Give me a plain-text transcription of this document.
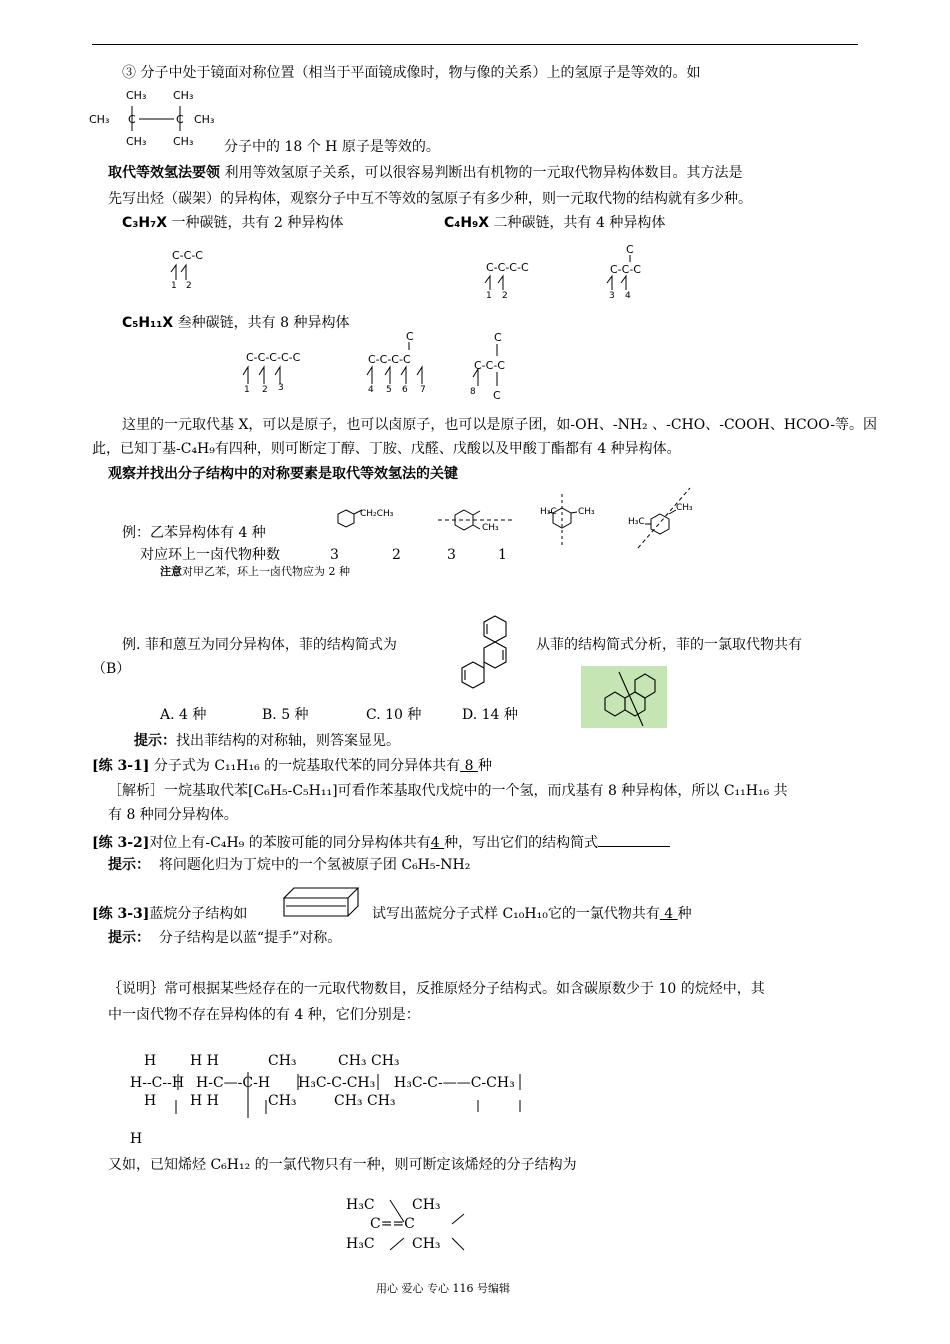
③ 分子中处于镜面对称位置（相当于平面镜成像时，物与像的关系）上的氢原子是等效的。如
CH₃ CH₃
CH₃ C	C CH₃
CH₃ CH₃ 分子中的 18 个 H 原子是等效的。
取代等效氢法要领 利用等效氢原子关系，可以很容易判断出有机物的一元取代物异构体数目。其方法是
先写出烃（碳架）的异构体，观察分子中互不等效的氢原子有多少种，则一元取代物的结构就有多少种。
C₃H₇X 一种碳链，共有 2 种异构体	C₄H₉X 二种碳链，共有 4 种异构体
C-C-C
1 2
C-C-C-C
1 2
C
C-C-C
3 4
C₅H₁₁X 叁种碳链，共有 8 种异构体
C-C-C-C-C
1 2 3
C
C-C-C-C
4 5 6 7
C
C-C-C
8 C
这里的一元取代基 X，可以是原子，也可以卤原子，也可以是原子团，如-OH、-NH₂ 、-CHO、-COOH、HCOO-等。因
此，已知丁基-C₄H₉有四种，则可断定丁醇、丁胺、戊醛、戊酸以及甲酸丁酯都有 4 种异构体。
观察并找出分子结构中的对称要素是取代等效氢法的关键
CH₂CH₃
CH₃
H₃C CH₃
H₃C
CH₃
例：乙苯异构体有 4 种
对应环上一卤代物种数	3	2	3	1
注意对甲乙苯，环上一卤代物应为 2 种
例. 菲和蒽互为同分异构体，菲的结构简式为	从菲的结构简式分析，菲的一氯取代物共有
（B）
A. 4 种	B. 5 种	C. 10 种	D. 14 种
提示：找出菲结构的对称轴，则答案显见。
[练 3-1] 分子式为 C₁₁H₁₆ 的一烷基取代苯的同分异体共有 8 种
［解析］一烷基取代苯[C₆H₅-C₅H₁₁]可看作苯基取代戊烷中的一个氢，而戊基有 8 种异构体，所以 C₁₁H₁₆ 共
有 8 种同分异构体。
[练 3-2]对位上有-C₄H₉ 的苯胺可能的同分异构体共有4 种，写出它们的结构简式
提示： 将问题化归为丁烷中的一个氢被原子团 C₆H₅-NH₂
[练 3-3]蓝烷分子结构如	试写出蓝烷分子式样 C₁₀H₁₀它的一氯代物共有 4 种
提示： 分子结构是以蓝“提手”对称。
｛说明｝常可根据某些烃存在的一元取代物数目，反推原烃分子结构式。如含碳原数少于 10 的烷烃中，其
中一卤代物不存在异构体的有 4 种，它们分别是：
H H H	CH₃	CH₃ CH₃
H--C--H H-C—-C-H H₃C-C-CH₃ H₃C-C-——C-CH₃
H H H	CH₃	CH₃ CH₃
H
又如，已知烯烃 C₆H₁₂ 的一氯代物只有一种，则可断定该烯烃的分子结构为
H₃C	CH₃
C==C
H₃C	CH₃
用心 爱心 专心 116 号编辑
